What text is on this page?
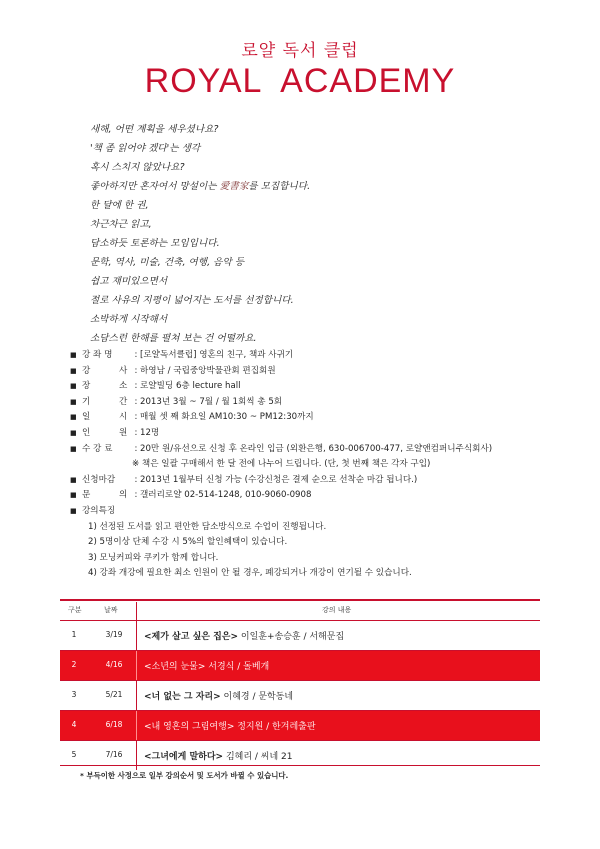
로얄 독서 클럽
ROYAL  ACADEMY
새해, 어떤 계획을 세우셨나요?
'책 좀 읽어야 겠다'는 생각
혹시 스치지 않았나요?
좋아하지만 혼자여서 망설이는 愛書家를 모집합니다.
한 달에 한 권,
차근차근 읽고,
담소하듯 토론하는 모임입니다.
문학, 역사, 미술, 건축, 여행, 음악 등
쉽고 재미있으면서
절로 사유의 지평이 넓어지는 도서를 선정합니다.
소박하게 시작해서
소담스런 한해를 펼쳐 보는 건 어떨까요.
■ 강 좌 명	: [로얄독서클럽] 영혼의 친구, 책과 사귀기
■ 강 사 : 하영남 / 국립중앙박물관회 편집회원
■ 장 소 : 로얄빌딩 6층 lecture hall
■ 기 간 : 2013년 3월 ~ 7월 / 월 1회씩 총 5회
■ 일 시 : 매월 셋 째 화요일 AM10:30 ~ PM12:30까지
■ 인 원 : 12명
■ 수 강 료	: 20만 원/유선으로 신청 후 온라인 입금 (외환은행, 630-006700-477, 로얄앤컴퍼니주식회사)
※ 책은 일괄 구매해서 한 달 전에 나누어 드립니다. (단, 첫 번째 책은 각자 구입)
■ 신청마감	: 2013년 1월부터 신청 가능 (수강신청은 결제 순으로 선착순 마감 됩니다.)
■ 문 의 : 갤러리로얄 02-514-1248, 010-9060-0908
■ 강의특징
1) 선정된 도서를 읽고 편안한 담소방식으로 수업이 진행됩니다.
2) 5명이상 단체 수강 시 5%의 할인혜택이 있습니다.
3) 모닝커피와 쿠키가 함께 합니다.
4) 강좌 개강에 필요한 최소 인원이 안 될 경우, 폐강되거나 개강이 연기될 수 있습니다.
구분	날짜	강의 내용
1	3/19	<제가 살고 싶은 집은> 이일훈+송승훈 / 서해문집
2	4/16	<소년의 눈물> 서경식 / 돌베개
3	5/21	<너 없는 그 자리> 이혜경 / 문학동네
4	6/18	<내 영혼의 그림여행> 정지원 / 한겨레출판
5	7/16	<그녀에게 말하다> 김혜리 / 씨네 21
* 부득이한 사정으로 일부 강의순서 및 도서가 바뀔 수 있습니다.
